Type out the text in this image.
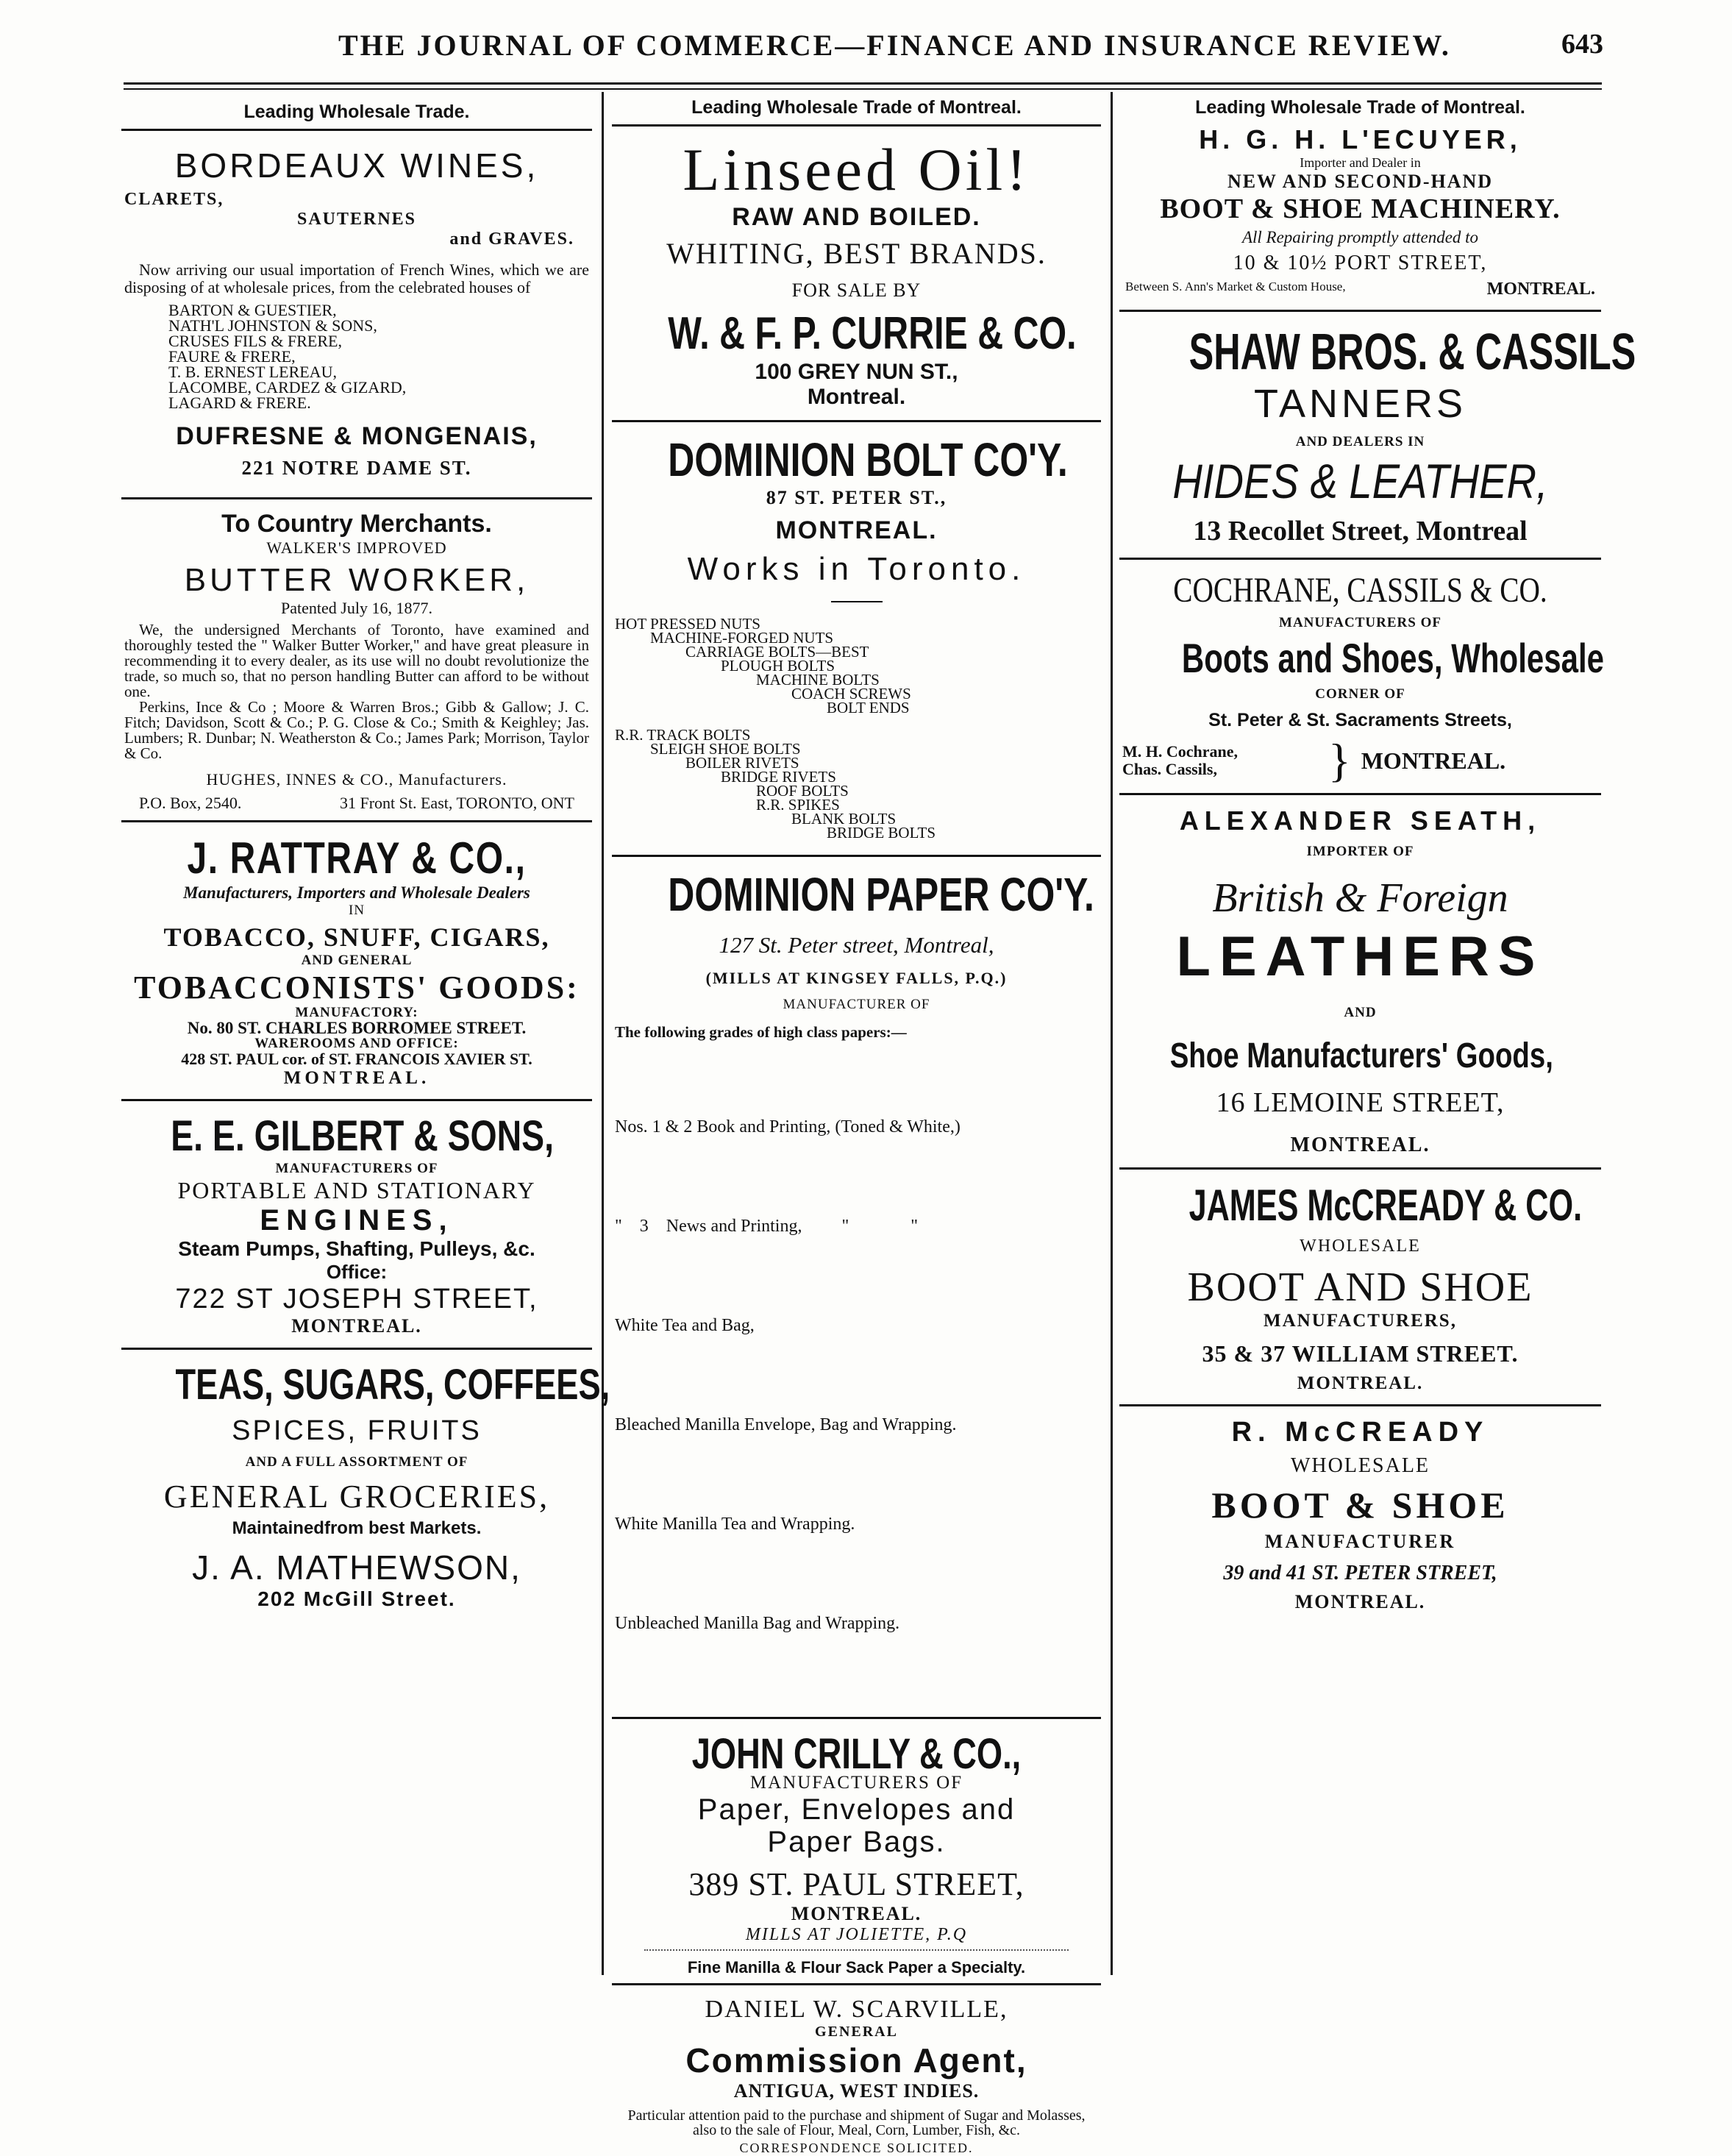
THE JOURNAL OF COMMERCE—FINANCE AND INSURANCE REVIEW.	643
Leading Wholesale Trade.
BORDEAUX WINES,
CLARETS,
SAUTERNES
and GRAVES.
Now arriving our usual importation of French Wines, which we are disposing of at wholesale prices, from the celebrated houses of
BARTON & GUESTIER,
NATH'L JOHNSTON & SONS,
CRUSES FILS & FRERE,
FAURE & FRERE,
T. B. ERNEST LEREAU,
LACOMBE, CARDEZ & GIZARD,
LAGARD & FRERE.
DUFRESNE & MONGENAIS,
221 NOTRE DAME ST.
To Country Merchants.
WALKER'S IMPROVED
BUTTER WORKER,
Patented July 16, 1877.
We, the undersigned Merchants of Toronto, have examined and thoroughly tested the " Walker Butter Worker," and have great pleasure in recommending it to every dealer, as its use will no doubt revolutionize the trade, so much so, that no person handling Butter can afford to be without one.
Perkins, Ince & Co ; Moore & Warren Bros.; Gibb & Gallow; J. C. Fitch; Davidson, Scott & Co.; P. G. Close & Co.; Smith & Keighley; Jas. Lumbers; R. Dunbar; N. Weatherston & Co.; James Park; Morrison, Taylor & Co.
HUGHES, INNES & CO., Manufacturers.
P.O. Box, 2540.	31 Front St. East, TORONTO, ONT
J. RATTRAY & CO.,
Manufacturers, Importers and Wholesale Dealers
IN
TOBACCO, SNUFF, CIGARS,
AND GENERAL
TOBACCONISTS' GOODS:
MANUFACTORY:
No. 80 ST. CHARLES BORROMEE STREET.
WAREROOMS AND OFFICE:
428 ST. PAUL cor. of ST. FRANCOIS XAVIER ST.
MONTREAL.
E. E. GILBERT & SONS,
MANUFACTURERS OF
PORTABLE AND STATIONARY
ENGINES,
Steam Pumps, Shafting, Pulleys, &c.
Office:
722 ST JOSEPH STREET,
MONTREAL.
TEAS, SUGARS, COFFEES,
SPICES, FRUITS
AND A FULL ASSORTMENT OF
GENERAL GROCERIES,
Maintainedfrom best Markets.
J. A. MATHEWSON,
202 McGill Street.
Leading Wholesale Trade of Montreal.
Linseed Oil!
RAW AND BOILED.
WHITING, BEST BRANDS.
FOR SALE BY
W. & F. P. CURRIE & CO.
100 GREY NUN ST.,
Montreal.
DOMINION BOLT CO'Y.
87 ST. PETER ST.,
MONTREAL.
Works in Toronto.
HOT PRESSED NUTS
MACHINE-FORGED NUTS
CARRIAGE BOLTS—BEST
PLOUGH BOLTS
MACHINE BOLTS
COACH SCREWS
BOLT ENDS
R.R. TRACK BOLTS
SLEIGH SHOE BOLTS
BOILER RIVETS
BRIDGE RIVETS
ROOF BOLTS
R.R. SPIKES
BLANK BOLTS
BRIDGE BOLTS
DOMINION PAPER CO'Y.
127 St. Peter street, Montreal,
(MILLS AT KINGSEY FALLS, P.Q.)
MANUFACTURER OF
The following grades of high class papers:—

Nos. 1 & 2 Book and Printing, (Toned & White,)

"    3    News and Printing,         "              "

White Tea and Bag,

Bleached Manilla Envelope, Bag and Wrapping.

White Manilla Tea and Wrapping.

Unbleached Manilla Bag and Wrapping.

JOHN CRILLY & CO.,
MANUFACTURERS OF
Paper, Envelopes and
Paper Bags.
389 ST. PAUL STREET,
MONTREAL.
MILLS AT JOLIETTE, P.Q
Fine Manilla & Flour Sack Paper a Specialty.
DANIEL W. SCARVILLE,
GENERAL
Commission Agent,
ANTIGUA, WEST INDIES.
Particular attention paid to the purchase and shipment of Sugar and Molasses, also to the sale of Flour, Meal, Corn, Lumber, Fish, &c.
CORRESPONDENCE SOLICITED.
Leading Wholesale Trade of Montreal.
H. G. H. L'ECUYER,
Importer and Dealer in
NEW AND SECOND-HAND
BOOT & SHOE MACHINERY.
All Repairing promptly attended to
10 & 10½ PORT STREET,
Between S. Ann's Market & Custom House,	MONTREAL.
SHAW BROS. & CASSILS
TANNERS
AND DEALERS IN
HIDES & LEATHER,
13 Recollet Street, Montreal
COCHRANE, CASSILS & CO.
MANUFACTURERS OF
Boots and Shoes, Wholesale
CORNER OF
St. Peter & St. Sacraments Streets,
M. H. Cochrane,
Chas. Cassils,	} MONTREAL.
ALEXANDER SEATH,
IMPORTER OF
British & Foreign
LEATHERS
AND
Shoe Manufacturers' Goods,
16 LEMOINE STREET,
MONTREAL.
JAMES McCREADY & CO.
WHOLESALE
BOOT AND SHOE
MANUFACTURERS,
35 & 37 WILLIAM STREET.
MONTREAL.
R. McCREADY
WHOLESALE
BOOT & SHOE
MANUFACTURER
39 and 41 ST. PETER STREET,
MONTREAL.
